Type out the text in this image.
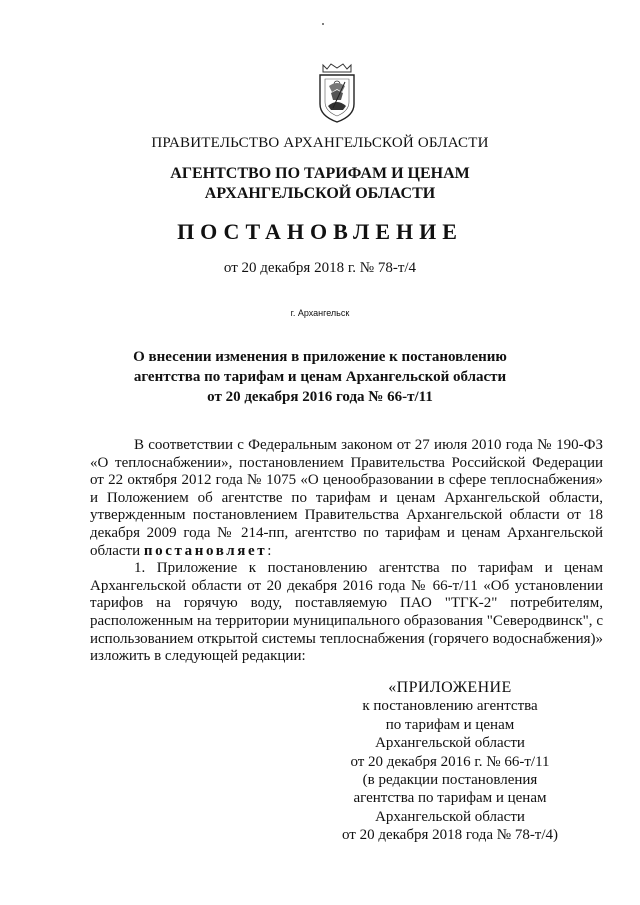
ПРАВИТЕЛЬСТВО АРХАНГЕЛЬСКОЙ ОБЛАСТИ
АГЕНТСТВО ПО ТАРИФАМ И ЦЕНАМ
АРХАНГЕЛЬСКОЙ ОБЛАСТИ
ПОСТАНОВЛЕНИЕ
от 20 декабря 2018 г. № 78-т/4
г. Архангельск
О внесении изменения в приложение к постановлению
агентства по тарифам и ценам Архангельской области
от 20 декабря 2016 года № 66-т/11

В соответствии с Федеральным законом от 27 июля 2010 года № 190-ФЗ «О теплоснабжении», постановлением Правительства Российской Федерации от 22 октября 2012 года № 1075 «О ценообразовании в сфере теплоснабжения» и Положением об агентстве по тарифам и ценам Архангельской области, утвержденным постановлением Правительства Архангельской области от 18 декабря 2009 года № 214-пп, агентство по тарифам и ценам Архангельской области постановляет:

1. Приложение к постановлению агентства по тарифам и ценам Архангельской области от 20 декабря 2016 года № 66-т/11 «Об установлении тарифов на горячую воду, поставляемую ПАО "ТГК-2" потребителям, расположенным на территории муниципального образования "Северодвинск", с использованием открытой системы теплоснабжения (горячего водоснабжения)» изложить в следующей редакции:

«ПРИЛОЖЕНИЕ
к постановлению агентства
по тарифам и ценам
Архангельской области
от 20 декабря 2016 г. № 66-т/11
(в редакции постановления
агентства по тарифам и ценам
Архангельской области
от 20 декабря 2018 года № 78-т/4)
